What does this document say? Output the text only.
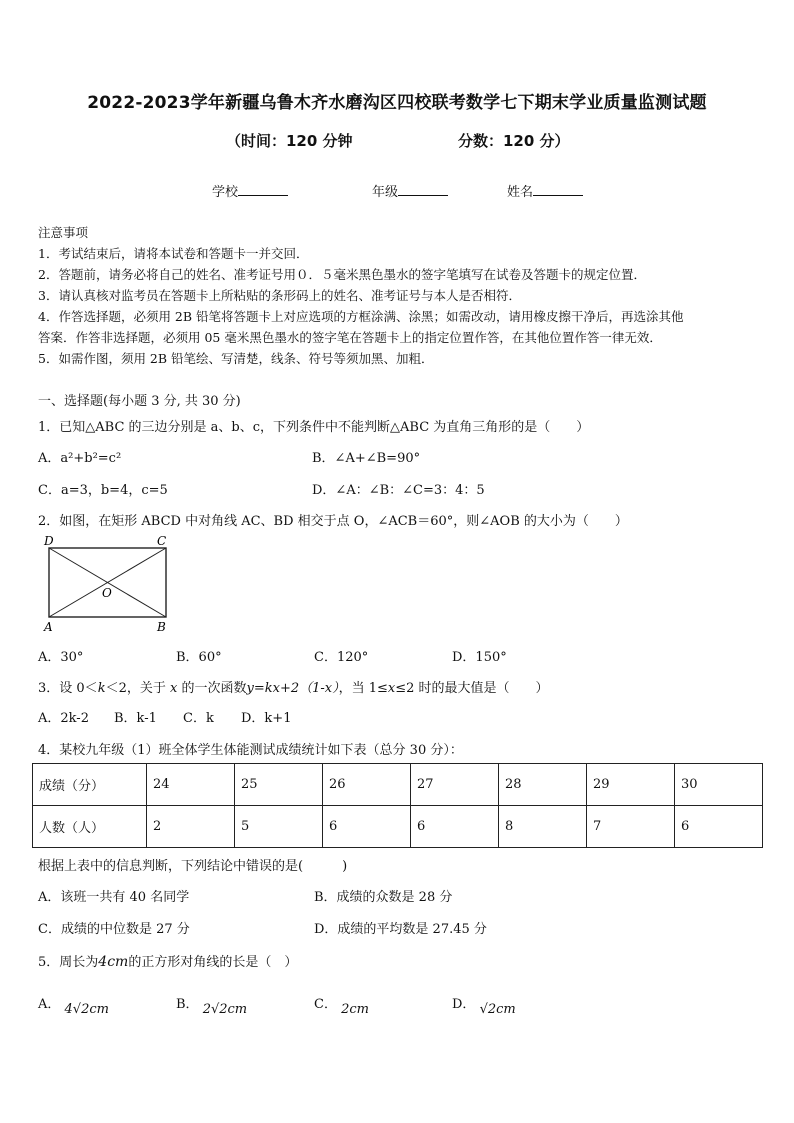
2022-2023学年新疆乌鲁木齐水磨沟区四校联考数学七下期末学业质量监测试题
（时间：120 分钟	分数：120 分）
学校	年级	姓名
注意事项
1．考试结束后，请将本试卷和答题卡一并交回．
2．答题前，请务必将自己的姓名、准考证号用０．５毫米黑色墨水的签字笔填写在试卷及答题卡的规定位置．
3．请认真核对监考员在答题卡上所粘贴的条形码上的姓名、准考证号与本人是否相符．
4．作答选择题，必须用 2B 铅笔将答题卡上对应选项的方框涂满、涂黑；如需改动，请用橡皮擦干净后，再选涂其他
答案．作答非选择题，必须用 05 毫米黑色墨水的签字笔在答题卡上的指定位置作答，在其他位置作答一律无效．
5．如需作图，须用 2B 铅笔绘、写清楚，线条、符号等须加黑、加粗．
一、选择题(每小题 3 分, 共 30 分)
1．已知△ABC 的三边分别是 a、b、c，下列条件中不能判断△ABC 为直角三角形的是（　　）
A．a²+b²=c²	B．∠A+∠B=90°
C．a=3，b=4，c=5	D．∠A：∠B：∠C=3：4：5
2．如图，在矩形 ABCD 中对角线 AC、BD 相交于点 O，∠ACB＝60°，则∠AOB 的大小为（　　）
D	C
A	B
O
A．30°	B．60°	C．120°	D．150°
3．设 0＜k＜2，关于 x 的一次函数y=kx+2（1-x），当 1≤x≤2 时的最大值是（　　）
A．2k-2 B．k-1 C．k D．k+1
4．某校九年级（1）班全体学生体能测试成绩统计如下表（总分 30 分）：
成绩（分）	24	25	26	27	28	29	30
人数（人）	2	5	6	6	8	7	6
根据上表中的信息判断，下列结论中错误的是(　　　)
A．该班一共有 40 名同学	B．成绩的众数是 28 分
C．成绩的中位数是 27 分	D．成绩的平均数是 27.45 分
5．周长为4cm的正方形对角线的长是（　）
A． 4√2cm	B． 2√2cm	C． 2cm	D． √2cm
